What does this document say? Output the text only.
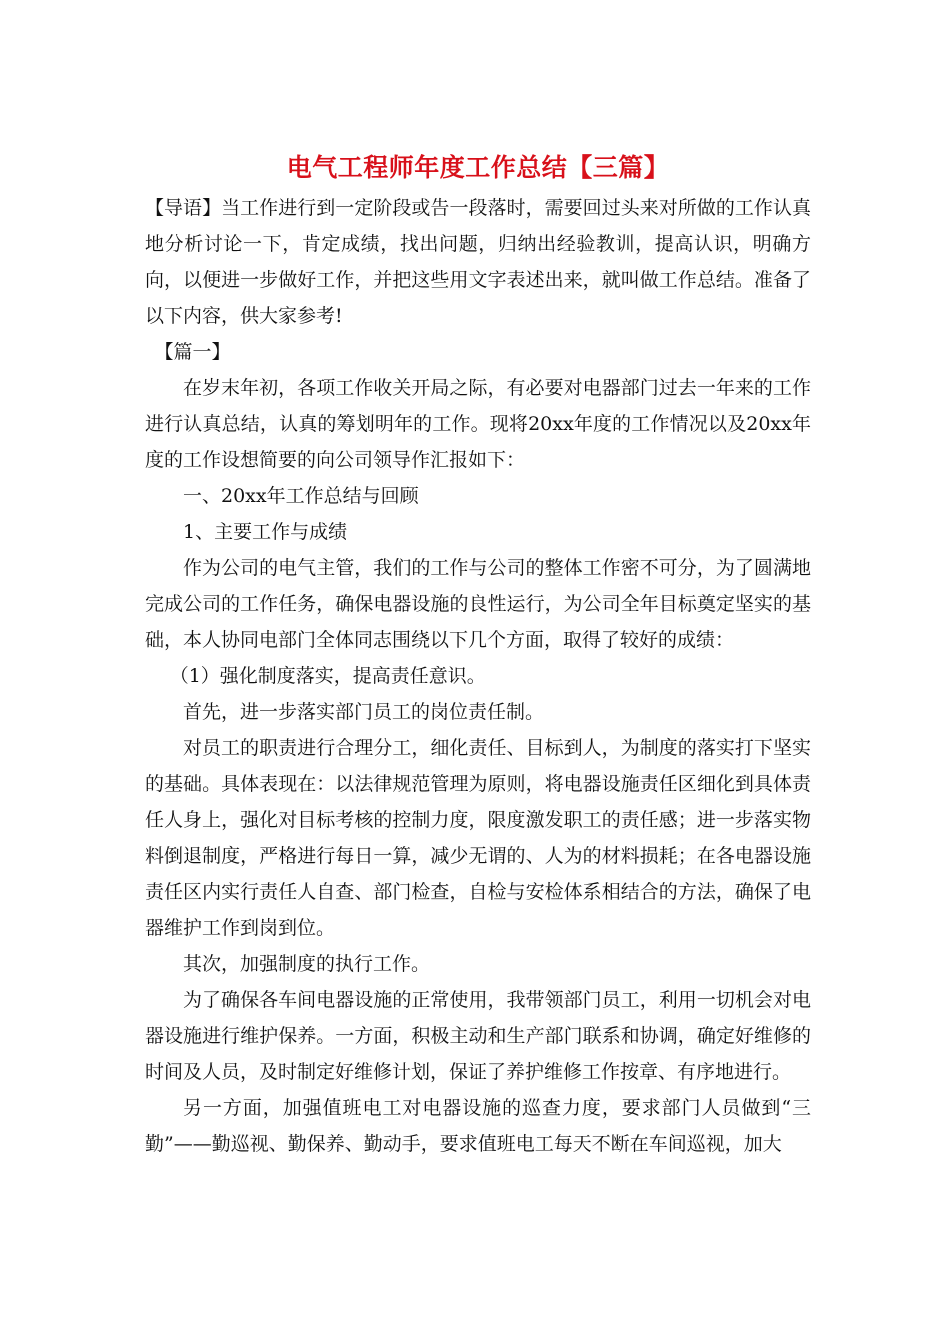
电气工程师年度工作总结【三篇】

【导语】当工作进行到一定阶段或告一段落时，需要回过头来对所做的工作认真地分析讨论一下，肯定成绩，找出问题，归纳出经验教训，提高认识，明确方向，以便进一步做好工作，并把这些用文字表述出来，就叫做工作总结。准备了以下内容，供大家参考!

【篇一】

在岁末年初，各项工作收关开局之际，有必要对电器部门过去一年来的工作进行认真总结，认真的筹划明年的工作。现将20xx年度的工作情况以及20xx年度的工作设想简要的向公司领导作汇报如下：

一、20xx年工作总结与回顾

1、主要工作与成绩

作为公司的电气主管，我们的工作与公司的整体工作密不可分，为了圆满地完成公司的工作任务，确保电器设施的良性运行，为公司全年目标奠定坚实的基础，本人协同电部门全体同志围绕以下几个方面，取得了较好的成绩：

（1）强化制度落实，提高责任意识。

首先，进一步落实部门员工的岗位责任制。

对员工的职责进行合理分工，细化责任、目标到人，为制度的落实打下坚实的基础。具体表现在：以法律规范管理为原则，将电器设施责任区细化到具体责任人身上，强化对目标考核的控制力度，限度激发职工的责任感；进一步落实物料倒退制度，严格进行每日一算，减少无谓的、人为的材料损耗；在各电器设施责任区内实行责任人自查、部门检查，自检与安检体系相结合的方法，确保了电器维护工作到岗到位。

其次，加强制度的执行工作。

为了确保各车间电器设施的正常使用，我带领部门员工，利用一切机会对电器设施进行维护保养。一方面，积极主动和生产部门联系和协调，确定好维修的时间及人员，及时制定好维修计划，保证了养护维修工作按章、有序地进行。

另一方面，加强值班电工对电器设施的巡查力度，要求部门人员做到“三勤”——勤巡视、勤保养、勤动手，要求值班电工每天不断在车间巡视，加大
